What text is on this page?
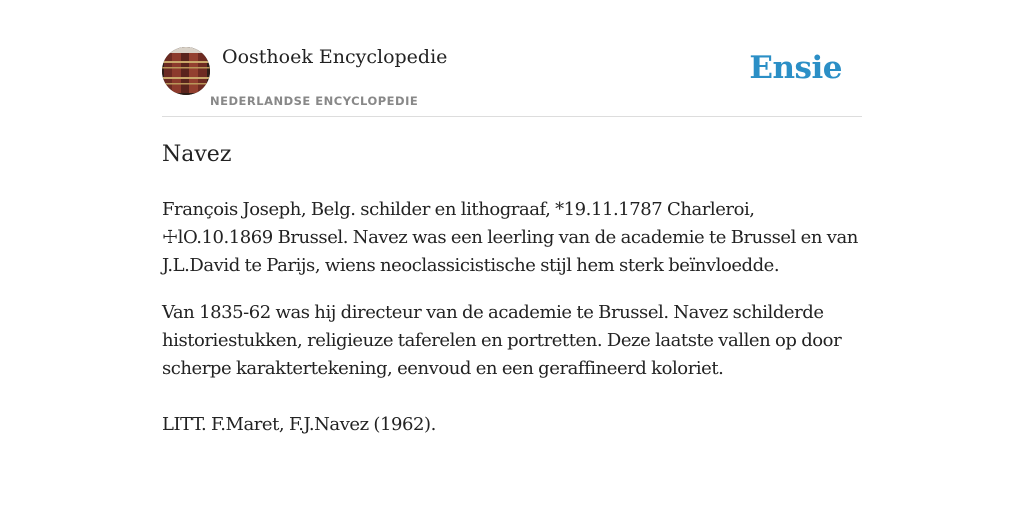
Oosthoek Encyclopedie
NEDERLANDSE ENCYCLOPEDIE
Ensie
Navez

François Joseph, Belg. schilder en lithograaf, *19.11.1787 Charleroi, ☩lO.10.1869 Brussel. Navez was een leerling van de academie te Brussel en van J.L.David te Parijs, wiens neoclassicistische stijl hem sterk beïnvloedde.

Van 1835-62 was hij directeur van de academie te Brussel. Navez schilderde historiestukken, religieuze taferelen en portretten. Deze laatste vallen op door scherpe karaktertekening, eenvoud en een geraffineerd koloriet.

LITT. F.Maret, F.J.Navez (1962).
